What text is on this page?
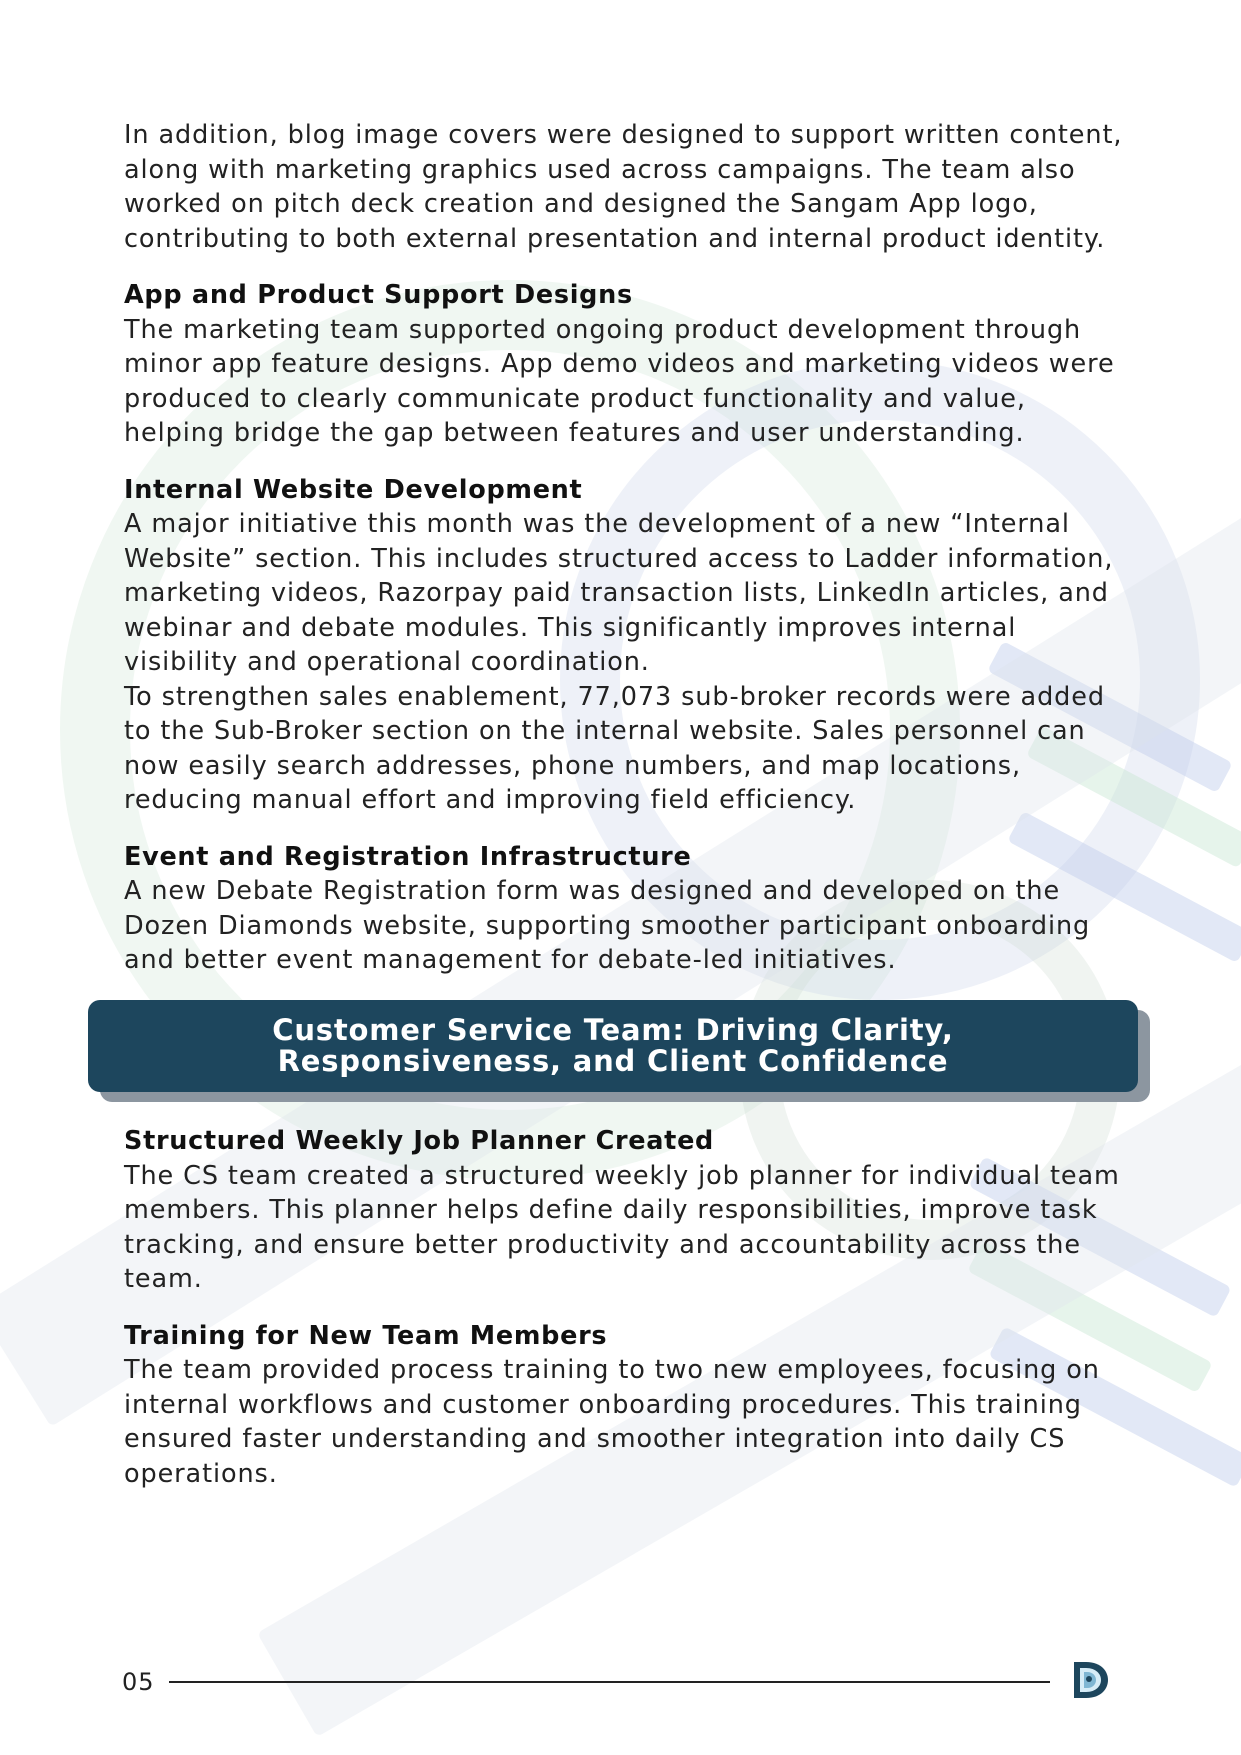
In addition, blog image covers were designed to support written content, along with marketing graphics used across campaigns. The team also worked on pitch deck creation and designed the Sangam App logo, contributing to both external presentation and internal product identity.

App and Product Support Designs

The marketing team supported ongoing product development through minor app feature designs. App demo videos and marketing videos were produced to clearly communicate product functionality and value, helping bridge the gap between features and user understanding.

Internal Website Development

A major initiative this month was the development of a new “Internal Website” section. This includes structured access to Ladder information, marketing videos, Razorpay paid transaction lists, LinkedIn articles, and webinar and debate modules. This significantly improves internal visibility and operational coordination.

To strengthen sales enablement, 77,073 sub-broker records were added to the Sub-Broker section on the internal website. Sales personnel can now easily search addresses, phone numbers, and map locations, reducing manual effort and improving field efficiency.

Event and Registration Infrastructure

A new Debate Registration form was designed and developed on the Dozen Diamonds website, supporting smoother participant onboarding and better event management for debate-led initiatives.

Customer Service Team: Driving Clarity,
Responsiveness, and Client Confidence
Structured Weekly Job Planner Created

The CS team created a structured weekly job planner for individual team members. This planner helps define daily responsibilities, improve task tracking, and ensure better productivity and accountability across the team.

Training for New Team Members

The team provided process training to two new employees, focusing on internal workflows and customer onboarding procedures. This training ensured faster understanding and smoother integration into daily CS operations.

05
